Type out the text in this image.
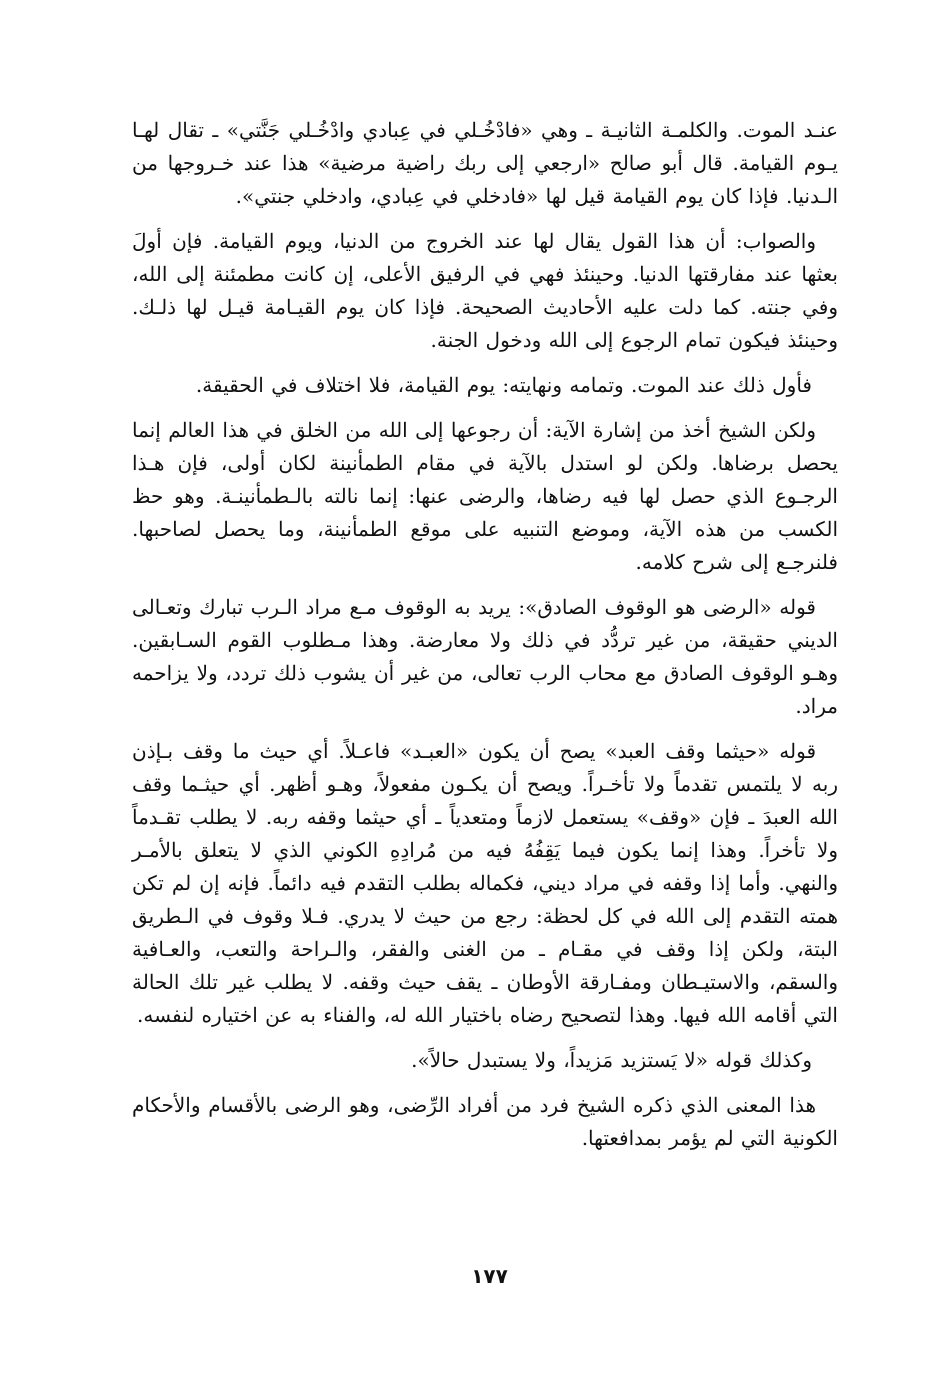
عنـد الموت. والكلمـة الثانيـة ـ وهي «فادْخُـلي في عِبادي وادْخُـلي جَنَّتي» ـ تقال لهـا يـوم القيامة. قال أبو صالح «ارجعي إلى ربك راضية مرضية» هذا عند خـروجها من الـدنيا. فإذا كان يوم القيامة قيل لها «فادخلي في عِبادي، وادخلي جنتي».

والصواب: أن هذا القول يقال لها عند الخروج من الدنيا، ويوم القيامة. فإن أولَ بعثها عند مفارقتها الدنيا. وحينئذ فهي في الرفيق الأعلى، إن كانت مطمئنة إلى الله، وفي جنته. كما دلت عليه الأحاديث الصحيحة. فإذا كان يوم القيـامة قيـل لها ذلـك. وحينئذ فيكون تمام الرجوع إلى الله ودخول الجنة.

فأول ذلك عند الموت. وتمامه ونهايته: يوم القيامة، فلا اختلاف في الحقيقة.

ولكن الشيخ أخذ من إشارة الآية: أن رجوعها إلى الله من الخلق في هذا العالم إنما يحصل برضاها. ولكن لو استدل بالآية في مقام الطمأنينة لكان أولى، فإن هـذا الرجـوع الذي حصل لها فيه رضاها، والرضى عنها: إنما نالته بالـطمأنينـة. وهو حظ الكسب من هذه الآية، وموضع التنبيه على موقع الطمأنينة، وما يحصل لصاحبها. فلنرجـع إلى شرح كلامه.

قوله «الرضى هو الوقوف الصادق»: يريد به الوقوف مـع مراد الـرب تبارك وتعـالى الديني حقيقة، من غير تردُّد في ذلك ولا معارضة. وهذا مـطلوب القوم السـابقين. وهـو الوقوف الصادق مع محاب الرب تعالى، من غير أن يشوب ذلك تردد، ولا يزاحمه مراد.

قوله «حيثما وقف العبد» يصح أن يكون «العبـد» فاعـلاً. أي حيث ما وقف بـإذن ربه لا يلتمس تقدماً ولا تأخـراً. ويصح أن يكـون مفعولاً، وهـو أظهر. أي حيثـما وقف الله العبدَ ـ فإن «وقف» يستعمل لازماً ومتعدياً ـ أي حيثما وقفه ربه. لا يطلب تقـدماً ولا تأخراً. وهذا إنما يكون فيما يَقِفُهُ فيه من مُرادِهِ الكوني الذي لا يتعلق بالأمـر والنهي. وأما إذا وقفه في مراد ديني، فكماله بطلب التقدم فيه دائماً. فإنه إن لم تكن همته التقدم إلى الله في كل لحظة: رجع من حيث لا يدري. فـلا وقوف في الـطريق البتة، ولكن إذا وقف في مقـام ـ من الغنى والفقر، والـراحة والتعب، والعـافية والسقم، والاستيـطان ومفـارقة الأوطان ـ يقف حيث وقفه. لا يطلب غير تلك الحالة التي أقامه الله فيها. وهذا لتصحيح رضاه باختيار الله له، والفناء به عن اختياره لنفسه.

وكذلك قوله «لا يَستزيد مَزيداً، ولا يستبدل حالاً».

هذا المعنى الذي ذكره الشيخ فرد من أفراد الرِّضى، وهو الرضى بالأقسام والأحكام الكونية التي لم يؤمر بمدافعتها.

١٧٧
